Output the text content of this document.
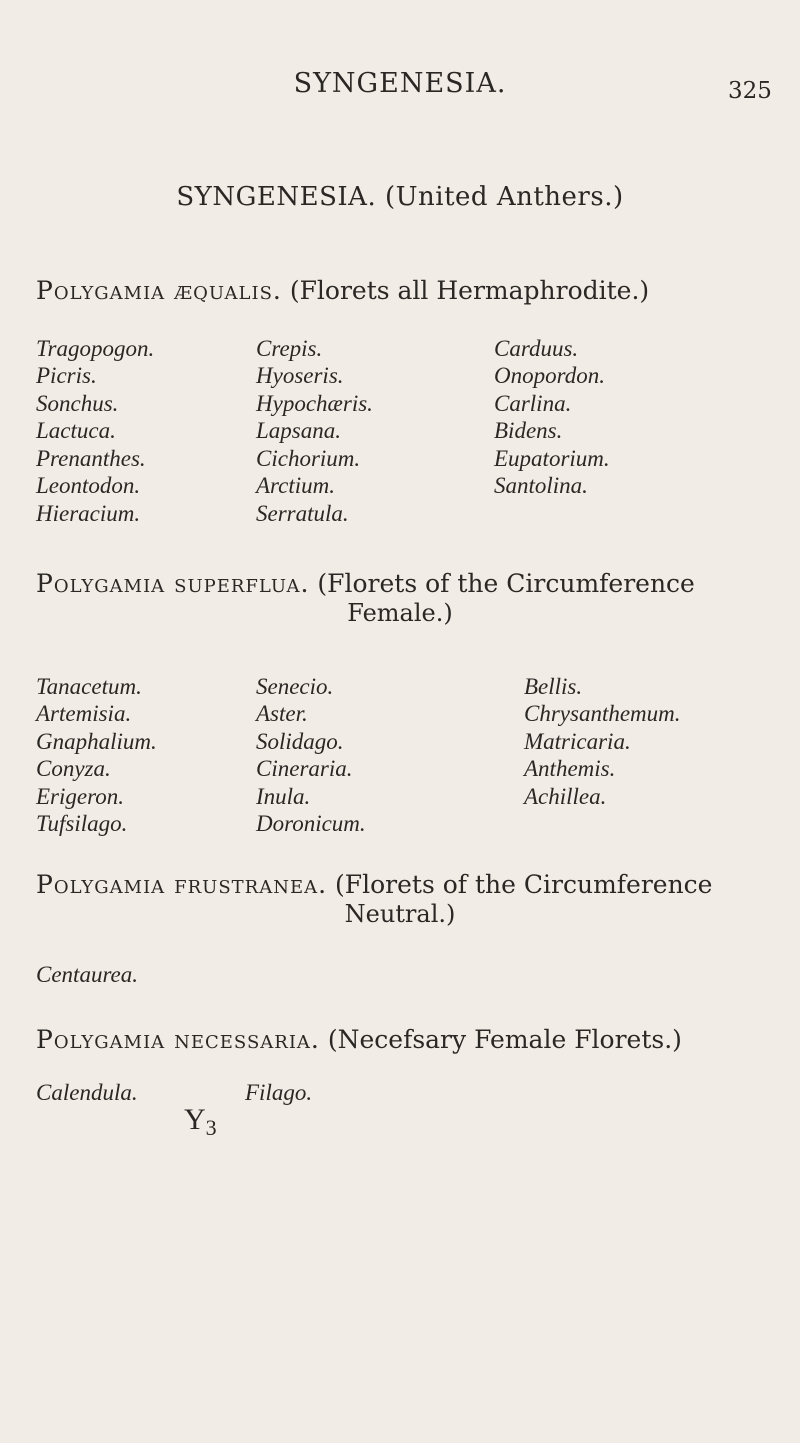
SYNGENESIA.	325
SYNGENESIA. (United Anthers.)
Polygamia æqualis. (Florets all Hermaphrodite.)
Tragopogon.
Picris.
Sonchus.
Lactuca.
Prenanthes.
Leontodon.
Hieracium.
Crepis.
Hyoseris.
Hypochæris.
Lapsana.
Cichorium.
Arctium.
Serratula.
Carduus.
Onopordon.
Carlina.
Bidens.
Eupatorium.
Santolina.
Polygamia superflua. (Florets of the Circumference
Female.)
Tanacetum.
Artemisia.
Gnaphalium.
Conyza.
Erigeron.
Tufsilago.
Senecio.
Aster.
Solidago.
Cineraria.
Inula.
Doronicum.
Bellis.
Chrysanthemum.
Matricaria.
Anthemis.
Achillea.
Polygamia frustranea. (Florets of the Circumference
Neutral.)
Centaurea.
Polygamia necessaria. (Necefsary Female Florets.)
Calendula.	Filago.
$Y_3$
